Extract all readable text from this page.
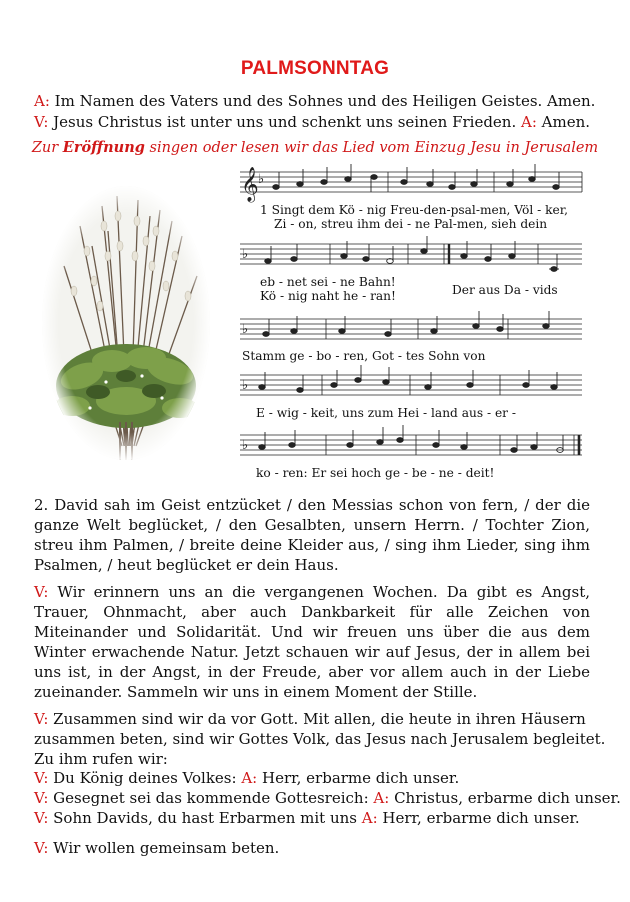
PALMSONNTAG
A: Im Namen des Vaters und des Sohnes und des Heiligen Geistes. Amen.
V: Jesus Christus ist unter uns und schenkt uns seinen Frieden. A: Amen.
Zur Eröffnung singen oder lesen wir das Lied vom Einzug Jesu in Jerusalem
𝄞 ♭
♭
♭
♭
♭
1 Singt dem Kö - nig Freu-den-psal-men, Völ - ker,
Zi - on, streu ihm dei - ne Pal-men, sieh dein
eb - net sei - ne Bahn!
Kö - nig naht he - ran!	Der aus Da - vids
Stamm ge - bo - ren, Got - tes Sohn von
E - wig - keit, uns zum Hei - land aus - er -
ko - ren: Er sei hoch ge - be - ne - deit!
2. David sah im Geist entzücket / den Messias schon von fern, / der die ganze Welt beglücket, / den Gesalbten, unsern Herrn. / Tochter Zion, streu ihm Palmen, / breite deine Kleider aus, / sing ihm Lieder, sing ihm Psalmen, / heut beglücket er dein Haus.
V: Wir erinnern uns an die vergangenen Wochen. Da gibt es Angst, Trauer, Ohnmacht, aber auch Dankbarkeit für alle Zeichen von Miteinander und Solidarität. Und wir freuen uns über die aus dem Winter erwachende Natur. Jetzt schauen wir auf Jesus, der in allem bei uns ist, in der Angst, in der Freude, aber vor allem auch in der Liebe zueinander. Sammeln wir uns in einem Moment der Stille.
V: Zusammen sind wir da vor Gott. Mit allen, die heute in ihren Häusern
zusammen beten, sind wir Gottes Volk, das Jesus nach Jerusalem begleitet.
Zu ihm rufen wir:
V: Du König deines Volkes: A: Herr, erbarme dich unser.
V: Gesegnet sei das kommende Gottesreich: A: Christus, erbarme dich unser.
V: Sohn Davids, du hast Erbarmen mit uns A: Herr, erbarme dich unser.
V: Wir wollen gemeinsam beten.
